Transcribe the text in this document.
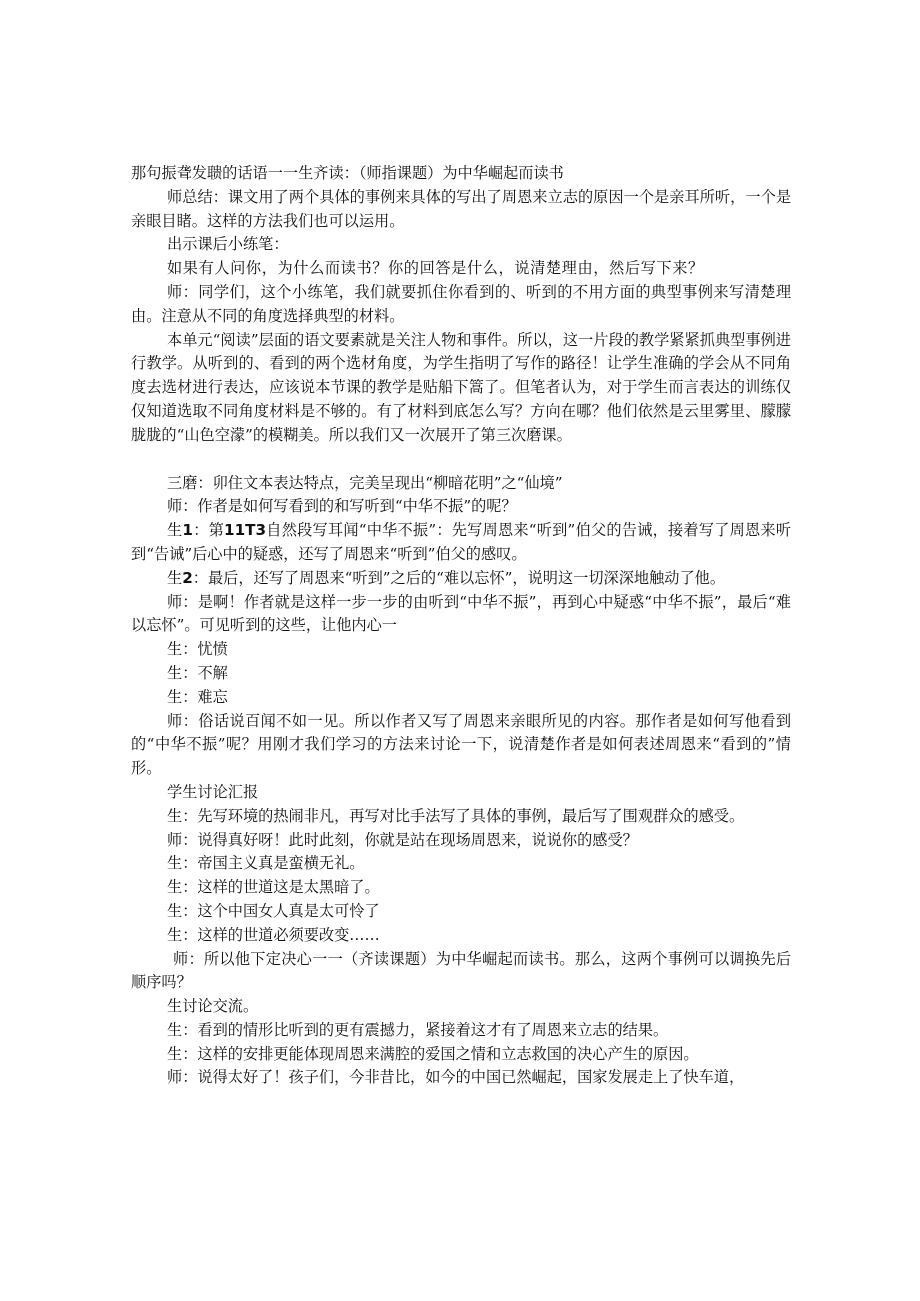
那句振聋发聩的话语一一生齐读：（师指课题）为中华崛起而读书

师总结：课文用了两个具体的事例来具体的写出了周恩来立志的原因一个是亲耳所听，一个是亲眼目睹。这样的方法我们也可以运用。

出示课后小练笔：

如果有人问你，为什么而读书？你的回答是什么，说清楚理由，然后写下来？

师：同学们，这个小练笔，我们就要抓住你看到的、听到的不用方面的典型事例来写清楚理由。注意从不同的角度选择典型的材料。

本单元“阅读”层面的语文要素就是关注人物和事件。所以，这一片段的教学紧紧抓典型事例进行教学。从听到的、看到的两个选材角度，为学生指明了写作的路径！让学生准确的学会从不同角度去选材进行表达，应该说本节课的教学是贴船下篙了。但笔者认为，对于学生而言表达的训练仅仅知道选取不同角度材料是不够的。有了材料到底怎么写？方向在哪？他们依然是云里雾里、朦朦胧胧的“山色空濛”的模糊美。所以我们又一次展开了第三次磨课。

三磨：卯住文本表达特点，完美呈现出“柳暗花明”之“仙境”

师：作者是如何写看到的和写听到“中华不振”的呢？

生1：第11T3自然段写耳闻“中华不振”：先写周恩来“听到”伯父的告诫，接着写了周恩来听到“告诫”后心中的疑惑，还写了周恩来“听到”伯父的感叹。

生2：最后，还写了周恩来“听到”之后的“难以忘怀”，说明这一切深深地触动了他。

师：是啊！作者就是这样一步一步的由听到“中华不振”，再到心中疑惑“中华不振”，最后“难以忘怀”。可见听到的这些，让他内心一

生：忧愤

生：不解

生：难忘

师：俗话说百闻不如一见。所以作者又写了周恩来亲眼所见的内容。那作者是如何写他看到的“中华不振”呢？用刚才我们学习的方法来讨论一下，说清楚作者是如何表述周恩来“看到的”情形。

学生讨论汇报

生：先写环境的热闹非凡，再写对比手法写了具体的事例，最后写了围观群众的感受。

师：说得真好呀！此时此刻，你就是站在现场周恩来，说说你的感受？

生：帝国主义真是蛮横无礼。

生：这样的世道这是太黑暗了。

生：这个中国女人真是太可怜了

生：这样的世道必须要改变……

师：所以他下定决心一一（齐读课题）为中华崛起而读书。那么，这两个事例可以调换先后顺序吗？

生讨论交流。

生：看到的情形比听到的更有震撼力，紧接着这才有了周恩来立志的结果。

生：这样的安排更能体现周恩来满腔的爱国之情和立志救国的决心产生的原因。

师：说得太好了！孩子们，今非昔比，如今的中国已然崛起，国家发展走上了快车道，
